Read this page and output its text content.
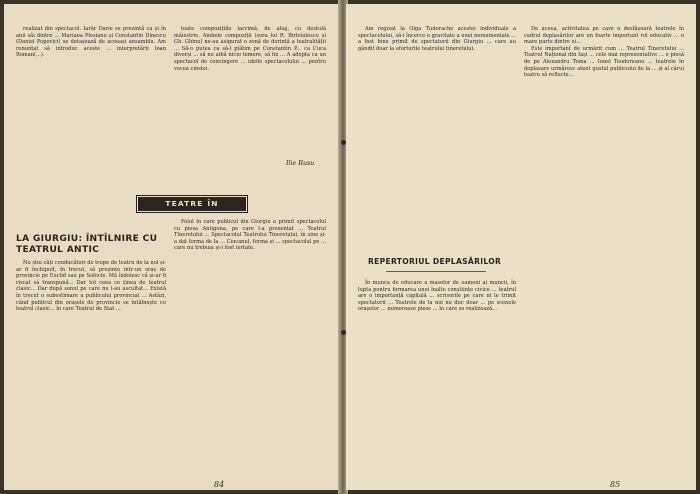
realizat din spectacol. Iarăr Darie se prezintă ca și în anii săi dintre ... Mariana Plesianu și Constantin Dinescu (Daniel Popovici) se detașează de aceeași ansamblu. Am renunțat să introduc aceste ... interpretării Ioan Roman(...).

toate compozițiile lacrimă, de aliaj, cu destulă măiestrie. Ambele compoziții (sora lui R. Birloiulescu și Gh. Ghinu) ne-au asigurat o zonă de dorință a teatralității ... Să-o putea ca să-l plătim pe Constantin P... ca Cuca diverși ... să nu aibă nicio temere, să fie ... A adopta ca un spectacol de convingere ... ideile spectacolului ... pentru vocea cinstei.

Ilie Rusu
TEATRE ÎN DEPLASARE
LA GIURGIU: ÎNTÎLNIRE CU TEATRUL ANTIC

Nu știu câți conducători de trupe de teatru de la noi și-ar fi închipuit, în trecut, să prezinte intr-un oraș de provincie pe Euclid sau pe Sofocle. Mă îndoiesc că și-ar fi riscat să transpună... Dar tot ceea ce ținea de teatrul clasic... Dar după sonul pe care nu l-au ascultat... Există în trecut o subestimare a publicului provincial ... Astăzi, când publicul din orașele de provincie se întâlnește cu teatrul clasic... în care Teatrul de Stat ...

Felul în care publicul din Giurgiu a primit spectacolul cu piesa Antigona, pe care l-a prezentat ... Teatrul Tineretului ... Spectacolul Teatrului Tineretului, în sine și-a dat forma de la ... Ciocanul, forma și ... spectacolul pe ... care nu trebuia și-i fost iertate.

84

Am regizat la Olga Tudorache acestei individuale a spectacolului, să-i încerce o gravitate a unei monumentale ... a fost bine primit de spectatorii din Giurgiu ... care au gândit doar la eforturile teatrului tineretului.

De aceea, activitatea pe care o desfășoară teatrele în cadrul deplasărilor are un foarte important rol educativ ... o mare parte dintre ei...

Este important de urmărit cum ... Teatrul Tineretului ... Teatrul Național din Iași ... cele mai reprezentative ... o piesă de pe Alexandru Toma ... Ionel Teodoreanu ... teatrele în deplasare urmăresc atent gustul publicului de la ... și al cărui teatru să reflecte...

REPERTORIUL DEPLASĂRILOR

În munca de educare a maselor de oameni ai muncii, în lupta pentru formarea unei înalte conștiințe civice ... teatrul are o importanță capitală ... scrisorile pe care ni le trimit spectatorii ... Teatrele de la noi nu duc doar ... pe scenele orașelor ... numeroase piese ... în care se realizează...

85
